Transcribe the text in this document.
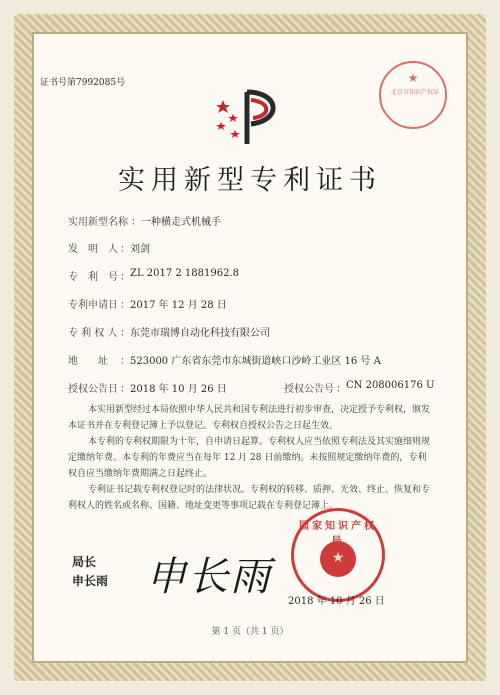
证书号第7992085号	★
北京市知识产权局
实用新型专利证书
实用新型名称 ： 一种横走式机械手
发　明　人 ： 刘剑
专　利　号 ： ZL 2017 2 1881962.8
专利申请日 ： 2017 年 12 月 28 日
专 利 权 人 ： 东莞市瑞博自动化科技有限公司
地　　址 ： 523000 广东省东莞市东城街道峡口沙岭工业区 16 号 A
授权公告日 ： 2018 年 10 月 26 日	授权公告号 ： CN 208006176 U
本实用新型经过本局依照中华人民共和国专利法进行初步审查，决定授予专利权，颁发本证书并在专利登记簿上予以登记。专利权自授权公告之日起生效。
本专利的专利权期限为十年，自申请日起算。专利权人应当依照专利法及其实施细则规定缴纳年费。本专利的年费应当在每年 12 月 28 日前缴纳。未按照规定缴纳年费的，专利权自应当缴纳年费期满之日起终止。
专利证书记载专利权登记时的法律状况。专利权的转移、质押、无效、终止、恢复和专利权人的姓名或名称、国籍、地址变更等事项记载在专利登记簿上。
局长
申长雨 申长雨
国家知识产权
★
2018 年 10 月 26 日
第 1 页（共 1 页）
